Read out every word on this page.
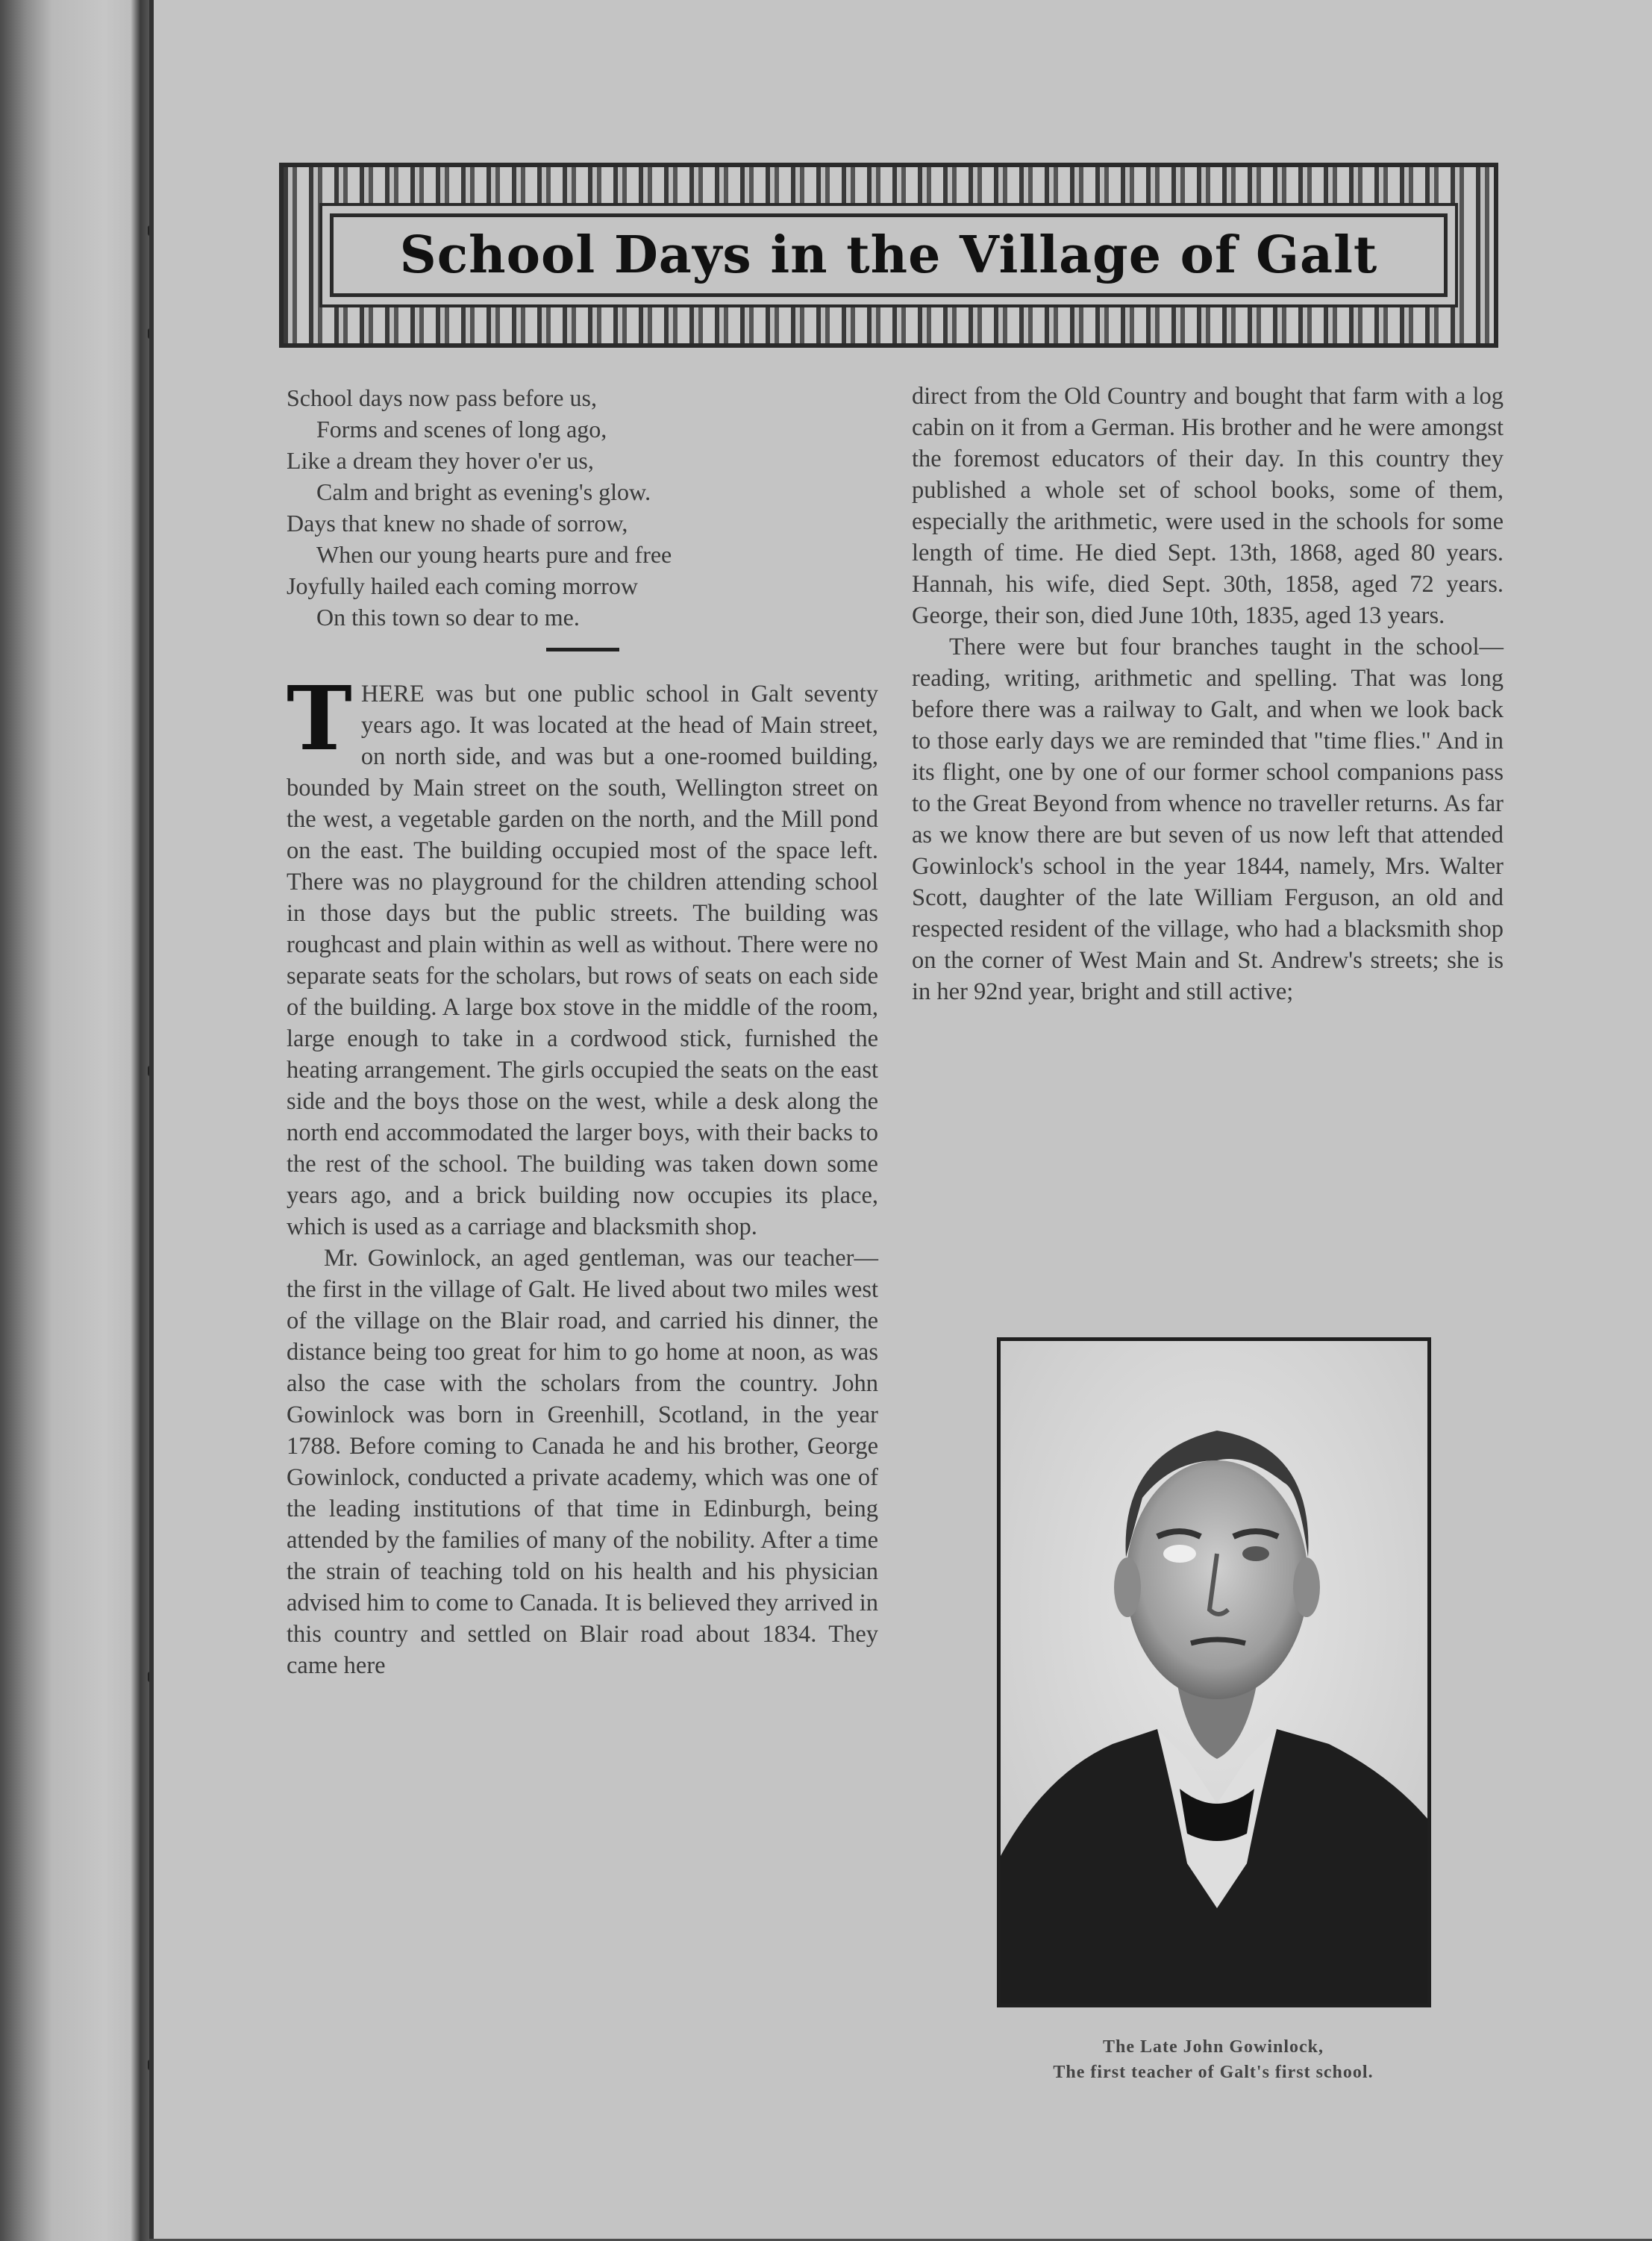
School Days in the Village of Galt
School days now pass before us,
Forms and scenes of long ago,
Like a dream they hover o'er us,
Calm and bright as evening's glow.
Days that knew no shade of sorrow,
When our young hearts pure and free
Joyfully hailed each coming morrow
On this town so dear to me.

THERE was but one public school in Galt seventy years ago. It was located at the head of Main street, on north side, and was but a one-roomed building, bounded by Main street on the south, Wellington street on the west, a vegetable garden on the north, and the Mill pond on the east. The building occupied most of the space left. There was no playground for the children attending school in those days but the public streets. The building was roughcast and plain within as well as without. There were no separate seats for the scholars, but rows of seats on each side of the building. A large box stove in the middle of the room, large enough to take in a cordwood stick, furnished the heating arrangement. The girls occupied the seats on the east side and the boys those on the west, while a desk along the north end accommodated the larger boys, with their backs to the rest of the school. The building was taken down some years ago, and a brick building now occupies its place, which is used as a carriage and blacksmith shop.

Mr. Gowinlock, an aged gentleman, was our teacher—the first in the village of Galt. He lived about two miles west of the village on the Blair road, and carried his dinner, the distance being too great for him to go home at noon, as was also the case with the scholars from the country. John Gowinlock was born in Greenhill, Scotland, in the year 1788. Before coming to Canada he and his brother, George Gowinlock, conducted a private academy, which was one of the leading institutions of that time in Edinburgh, being attended by the families of many of the nobility. After a time the strain of teaching told on his health and his physician advised him to come to Canada. It is believed they arrived in this country and settled on Blair road about 1834. They came here

direct from the Old Country and bought that farm with a log cabin on it from a German. His brother and he were amongst the foremost educators of their day. In this country they published a whole set of school books, some of them, especially the arithmetic, were used in the schools for some length of time. He died Sept. 13th, 1868, aged 80 years. Hannah, his wife, died Sept. 30th, 1858, aged 72 years. George, their son, died June 10th, 1835, aged 13 years.

There were but four branches taught in the school—reading, writing, arithmetic and spelling. That was long before there was a railway to Galt, and when we look back to those early days we are reminded that "time flies." And in its flight, one by one of our former school companions pass to the Great Beyond from whence no traveller returns. As far as we know there are but seven of us now left that attended Gowinlock's school in the year 1844, namely, Mrs. Walter Scott, daughter of the late William Ferguson, an old and respected resident of the village, who had a blacksmith shop on the corner of West Main and St. Andrew's streets; she is in her 92nd year, bright and still active;

The Late John Gowinlock,
The first teacher of Galt's first school.
